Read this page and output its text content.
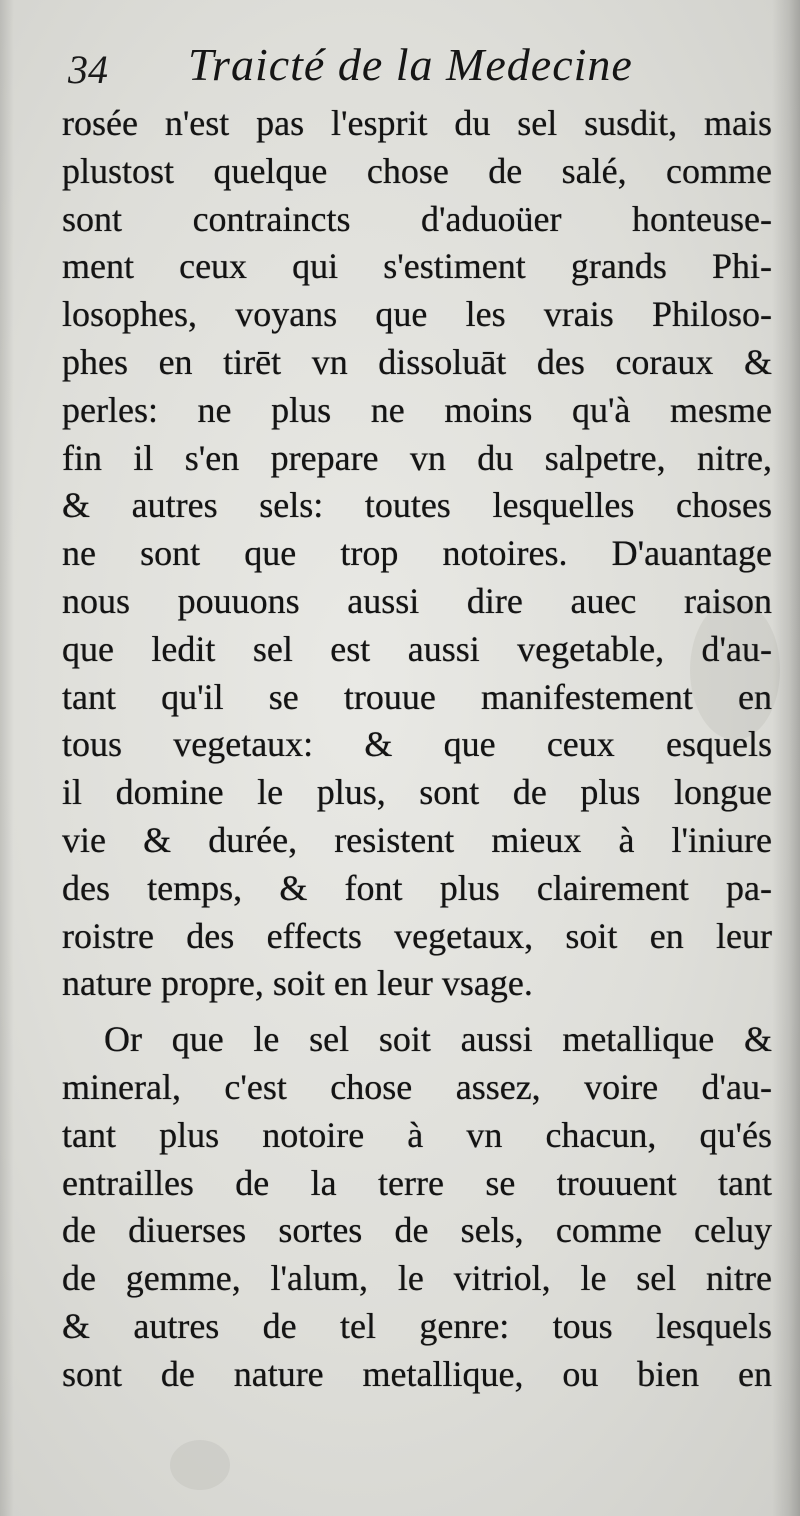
34 Traicté de la Medecine
rosée n'est pas l'esprit du sel susdit, mais
plustost quelque chose de salé, comme
sont contraincts d'aduoüer honteuse-
ment ceux qui s'estiment grands Phi-
losophes, voyans que les vrais Philoso-
phes en tirēt vn dissoluāt des coraux &
perles: ne plus ne moins qu'à mesme
fin il s'en prepare vn du salpetre, nitre,
& autres sels: toutes lesquelles choses
ne sont que trop notoires. D'auantage
nous pouuons aussi dire auec raison
que ledit sel est aussi vegetable, d'au-
tant qu'il se trouue manifestement en
tous vegetaux: & que ceux esquels
il domine le plus, sont de plus longue
vie & durée, resistent mieux à l'iniure
des temps, & font plus clairement pa-
roistre des effects vegetaux, soit en leur
nature propre, soit en leur vsage.
Or que le sel soit aussi metallique &
mineral, c'est chose assez, voire d'au-
tant plus notoire à vn chacun, qu'és
entrailles de la terre se trouuent tant
de diuerses sortes de sels, comme celuy
de gemme, l'alum, le vitriol, le sel nitre
& autres de tel genre: tous lesquels
sont de nature metallique, ou bien en
